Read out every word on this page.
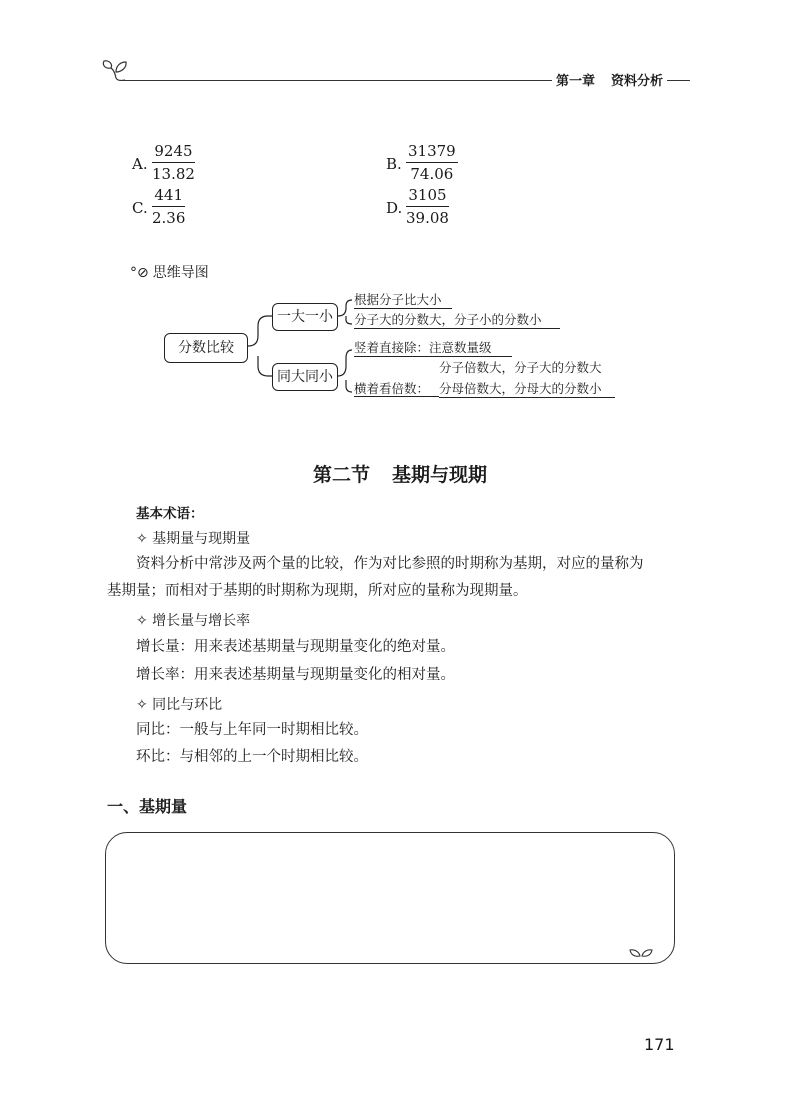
第一章 资料分析
A. $\frac{9245}{13.82}$	B. $\frac{31379}{74.06}$
C. $\frac{441}{2.36}$	D. $\frac{3105}{39.08}$
°⊘ 思维导图
分数比较
一大一小
同大同小
根据分子比大小
分子大的分数大，分子小的分数小
竖着直接除：注意数量级
分子倍数大，分子大的分数大
横着看倍数： 分母倍数大，分母大的分数小
第二节 基期与现期
基本术语：
✧ 基期量与现期量
资料分析中常涉及两个量的比较，作为对比参照的时期称为基期，对应的量称为
基期量；而相对于基期的时期称为现期，所对应的量称为现期量。
✧ 增长量与增长率
增长量：用来表述基期量与现期量变化的绝对量。
增长率：用来表述基期量与现期量变化的相对量。
✧ 同比与环比
同比：一般与上年同一时期相比较。
环比：与相邻的上一个时期相比较。
一、基期量
171
